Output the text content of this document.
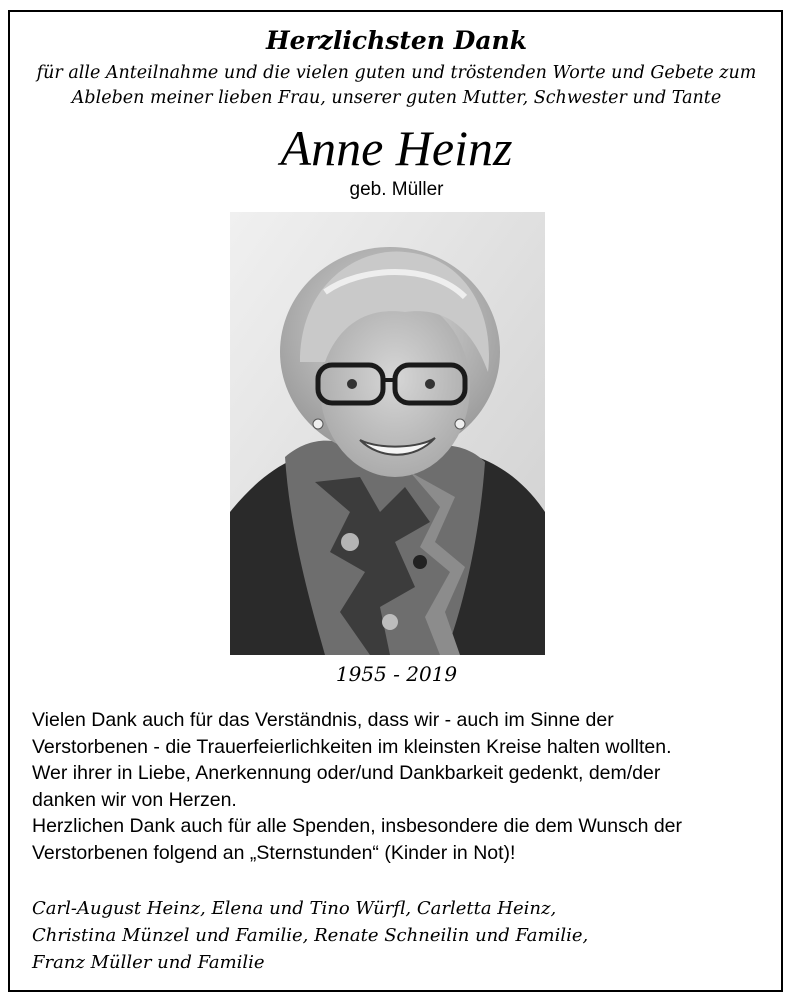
Herzlichsten Dank
für alle Anteilnahme und die vielen guten und tröstenden Worte und Gebete zum
Ableben meiner lieben Frau, unserer guten Mutter, Schwester und Tante
Anne Heinz
geb. Müller
1955 - 2019
Vielen Dank auch für das Verständnis, dass wir - auch im Sinne der
Verstorbenen - die Trauerfeierlichkeiten im kleinsten Kreise halten wollten.
Wer ihrer in Liebe, Anerkennung oder/und Dankbarkeit gedenkt, dem/der
danken wir von Herzen.
Herzlichen Dank auch für alle Spenden, insbesondere die dem Wunsch der
Verstorbenen folgend an „Sternstunden“ (Kinder in Not)!
Carl-August Heinz, Elena und Tino Würfl, Carletta Heinz,
Christina Münzel und Familie, Renate Schneilin und Familie,
Franz Müller und Familie
